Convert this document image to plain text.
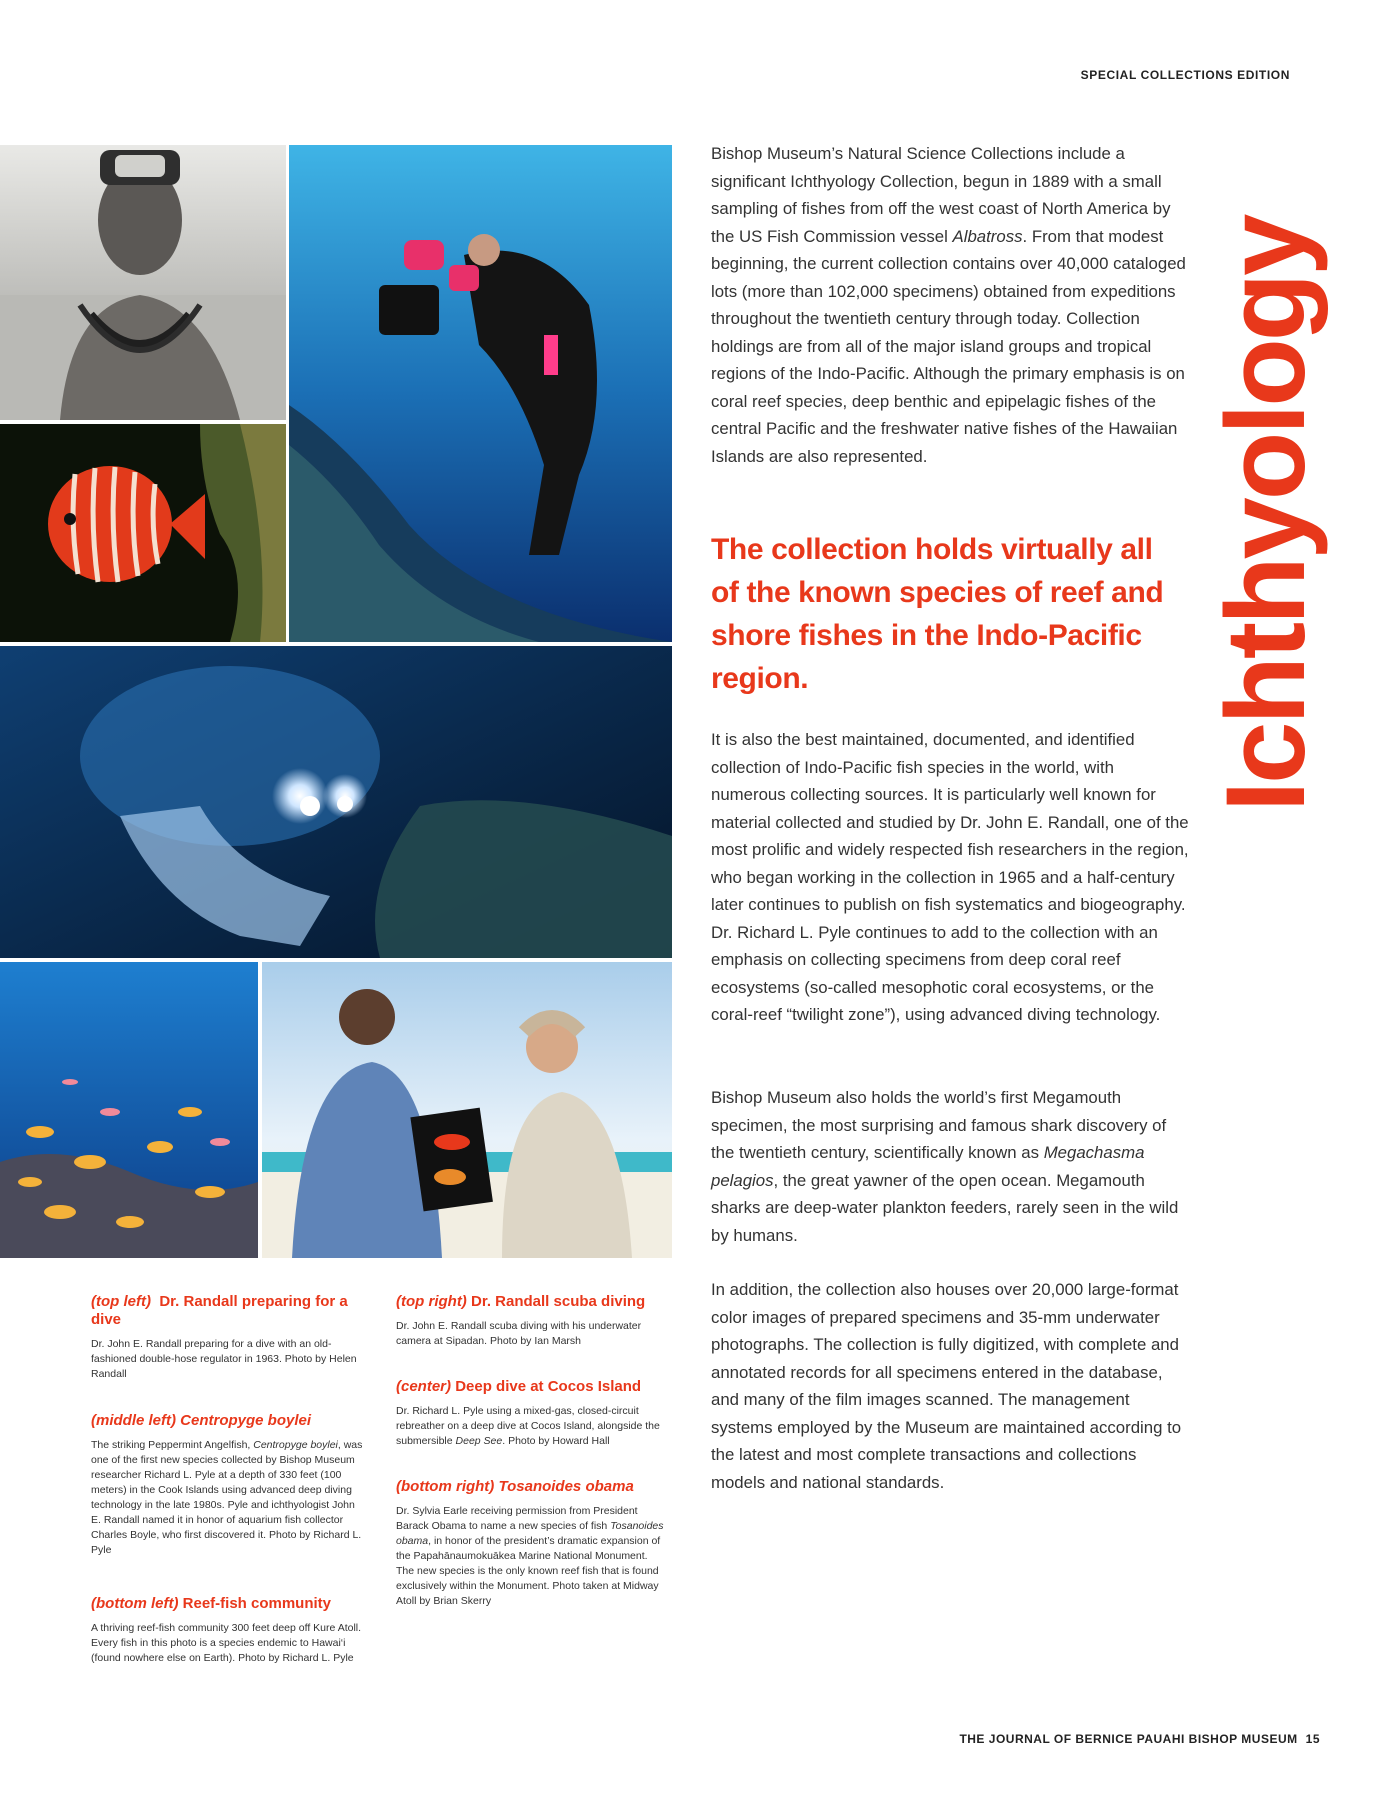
SPECIAL COLLECTIONS EDITION

(top left) Dr. Randall preparing for a dive

Dr. John E. Randall preparing for a dive with an old-fashioned double-hose regulator in 1963. Photo by Helen Randall

(middle left) Centropyge boylei

The striking Peppermint Angelfish, Centropyge boylei, was one of the first new species collected by Bishop Museum researcher Richard L. Pyle at a depth of 330 feet (100 meters) in the Cook Islands using advanced deep diving technology in the late 1980s. Pyle and ichthyologist John E. Randall named it in honor of aquarium fish collector Charles Boyle, who first discovered it. Photo by Richard L. Pyle

(bottom left) Reef-fish community

A thriving reef-fish community 300 feet deep off Kure Atoll. Every fish in this photo is a species endemic to Hawai‘i (found nowhere else on Earth). Photo by Richard L. Pyle

(top right) Dr. Randall scuba diving

Dr. John E. Randall scuba diving with his underwater camera at Sipadan. Photo by Ian Marsh

(center) Deep dive at Cocos Island

Dr. Richard L. Pyle using a mixed-gas, closed-circuit rebreather on a deep dive at Cocos Island, alongside the submersible Deep See. Photo by Howard Hall

(bottom right) Tosanoides obama

Dr. Sylvia Earle receiving permission from President Barack Obama to name a new species of fish Tosanoides obama, in honor of the president’s dramatic expansion of the Papahānaumokuākea Marine National Monument. The new species is the only known reef fish that is found exclusively within the Monument. Photo taken at Midway Atoll by Brian Skerry

Bishop Museum’s Natural Science Collections include a significant Ichthyology Collection, begun in 1889 with a small sampling of fishes from off the west coast of North America by the US Fish Commission vessel Albatross. From that modest beginning, the current collection contains over 40,000 cataloged lots (more than 102,000 specimens) obtained from expeditions throughout the twentieth century through today. Collection holdings are from all of the major island groups and tropical regions of the Indo-Pacific. Although the primary emphasis is on coral reef species, deep benthic and epipelagic fishes of the central Pacific and the freshwater native fishes of the Hawaiian Islands are also represented.

The collection holds virtually all of the known species of reef and shore fishes in the Indo-Pacific region.

It is also the best maintained, documented, and identified collection of Indo-Pacific fish species in the world, with numerous collecting sources. It is particularly well known for material collected and studied by Dr. John E. Randall, one of the most prolific and widely respected fish researchers in the region, who began working in the collection in 1965 and a half-century later continues to publish on fish systematics and biogeography. Dr. Richard L. Pyle continues to add to the collection with an emphasis on collecting specimens from deep coral reef ecosystems (so-called mesophotic coral ecosystems, or the coral-reef “twilight zone”), using advanced diving technology.

Bishop Museum also holds the world’s first Megamouth specimen, the most surprising and famous shark discovery of the twentieth century, scientifically known as Megachasma pelagios, the great yawner of the open ocean. Megamouth sharks are deep-water plankton feeders, rarely seen in the wild by humans.

In addition, the collection also houses over 20,000 large-format color images of prepared specimens and 35-mm underwater photographs. The collection is fully digitized, with complete and annotated records for all specimens entered in the database, and many of the film images scanned. The management systems employed by the Museum are maintained according to the latest and most complete transactions and collections models and national standards.

Ichthyology
THE JOURNAL OF BERNICE PAUAHI BISHOP MUSEUM 15
